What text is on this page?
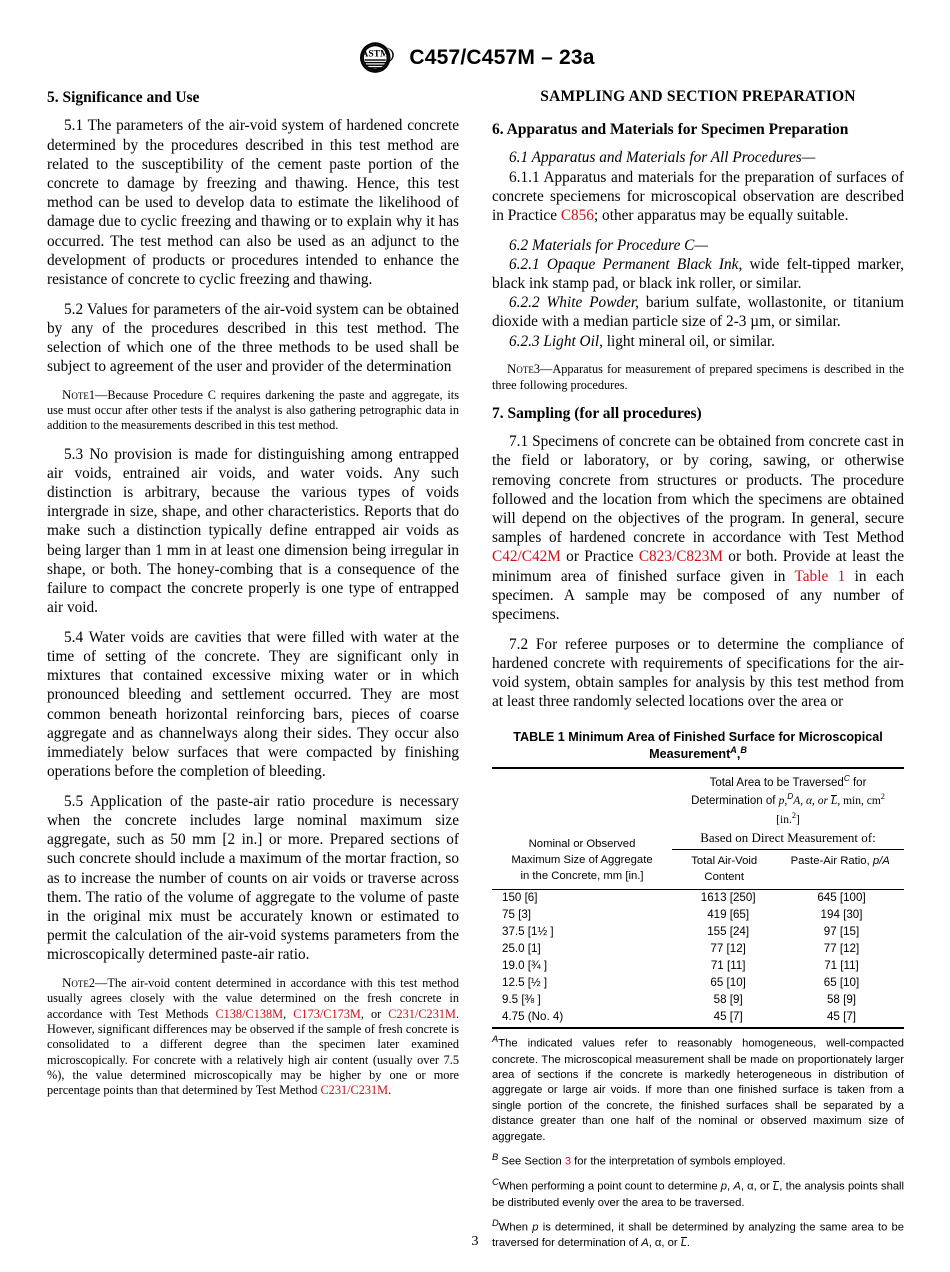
ASTM C457/C457M – 23a
5. Significance and Use

5.1 The parameters of the air-void system of hardened concrete determined by the procedures described in this test method are related to the susceptibility of the cement paste portion of the concrete to damage by freezing and thawing. Hence, this test method can be used to develop data to estimate the likelihood of damage due to cyclic freezing and thawing or to explain why it has occurred. The test method can also be used as an adjunct to the development of products or procedures intended to enhance the resistance of concrete to cyclic freezing and thawing.

5.2 Values for parameters of the air-void system can be obtained by any of the procedures described in this test method. The selection of which one of the three methods to be used shall be subject to agreement of the user and provider of the determination

Note1—Because Procedure C requires darkening the paste and aggregate, its use must occur after other tests if the analyst is also gathering petrographic data in addition to the measurements described in this test method.

5.3 No provision is made for distinguishing among entrapped air voids, entrained air voids, and water voids. Any such distinction is arbitrary, because the various types of voids intergrade in size, shape, and other characteristics. Reports that do make such a distinction typically define entrapped air voids as being larger than 1 mm in at least one dimension being irregular in shape, or both. The honey-combing that is a consequence of the failure to compact the concrete properly is one type of entrapped air void.

5.4 Water voids are cavities that were filled with water at the time of setting of the concrete. They are significant only in mixtures that contained excessive mixing water or in which pronounced bleeding and settlement occurred. They are most common beneath horizontal reinforcing bars, pieces of coarse aggregate and as channelways along their sides. They occur also immediately below surfaces that were compacted by finishing operations before the completion of bleeding.

5.5 Application of the paste-air ratio procedure is necessary when the concrete includes large nominal maximum size aggregate, such as 50 mm [2 in.] or more. Prepared sections of such concrete should include a maximum of the mortar fraction, so as to increase the number of counts on air voids or traverse across them. The ratio of the volume of aggregate to the volume of paste in the original mix must be accurately known or estimated to permit the calculation of the air-void systems parameters from the microscopically determined paste-air ratio.

Note2—The air-void content determined in accordance with this test method usually agrees closely with the value determined on the fresh concrete in accordance with Test Methods C138/C138M, C173/C173M, or C231/C231M. However, significant differences may be observed if the sample of fresh concrete is consolidated to a different degree than the specimen later examined microscopically. For concrete with a relatively high air content (usually over 7.5 %), the value determined microscopically may be higher by one or more percentage points than that determined by Test Method C231/C231M.

SAMPLING AND SECTION PREPARATION
6. Apparatus and Materials for Specimen Preparation

6.1 Apparatus and Materials for All Procedures—

6.1.1 Apparatus and materials for the preparation of surfaces of concrete speciemens for microscopical observation are described in Practice C856; other apparatus may be equally suitable.

6.2 Materials for Procedure C—

6.2.1 Opaque Permanent Black Ink, wide felt-tipped marker, black ink stamp pad, or black ink roller, or similar.

6.2.2 White Powder, barium sulfate, wollastonite, or titanium dioxide with a median particle size of 2-3 µm, or similar.

6.2.3 Light Oil, light mineral oil, or similar.

Note3—Apparatus for measurement of prepared specimens is described in the three following procedures.

7. Sampling (for all procedures)

7.1 Specimens of concrete can be obtained from concrete cast in the field or laboratory, or by coring, sawing, or otherwise removing concrete from structures or products. The procedure followed and the location from which the specimens are obtained will depend on the objectives of the program. In general, secure samples of hardened concrete in accordance with Test Method C42/C42M or Practice C823/C823M or both. Provide at least the minimum area of finished surface given in Table 1 in each specimen. A sample may be composed of any number of specimens.

7.2 For referee purposes or to determine the compliance of hardened concrete with requirements of specifications for the air-void system, obtain samples for analysis by this test method from at least three randomly selected locations over the area or

TABLE 1 Minimum Area of Finished Surface for Microscopical Measurement$^A$,$^B$
Nominal or Observed
Maximum Size of Aggregate
in the Concrete, mm [in.]
Total Area to be Traversed$^C$ for
Determination of p,$^D$A, α, or L, min, $cm^2$
[in.$^2$]
Based on Direct Measurement of:
Total Air-Void
Content
Paste-Air Ratio, p/A
150 [6]	1613 [250]	645 [100]
75 [3]	419 [65]	194 [30]
37.5 [1½ ]	155 [24]	97 [15]
25.0 [1]	77 [12]	77 [12]
19.0 [¾ ]	71 [11]	71 [11]
12.5 [½ ]	65 [10]	65 [10]
9.5 [⅜ ]	58 [9]	58 [9]
4.75 (No. 4)	45 [7]	45 [7]

$^A$The indicated values refer to reasonably homogeneous, well-compacted concrete. The microscopical measurement shall be made on proportionately larger area of sections if the concrete is markedly heterogeneous in distribution of aggregate or large air voids. If more than one finished surface is taken from a single portion of the concrete, the finished surfaces shall be separated by a distance greater than one half of the nominal or observed maximum size of aggregate.

$^B$ See Section 3 for the interpretation of symbols employed.

$^C$When performing a point count to determine p, A, α, or L, the analysis points shall be distributed evenly over the area to be traversed.

$^D$When p is determined, it shall be determined by analyzing the same area to be traversed for determination of A, α, or L.

3
